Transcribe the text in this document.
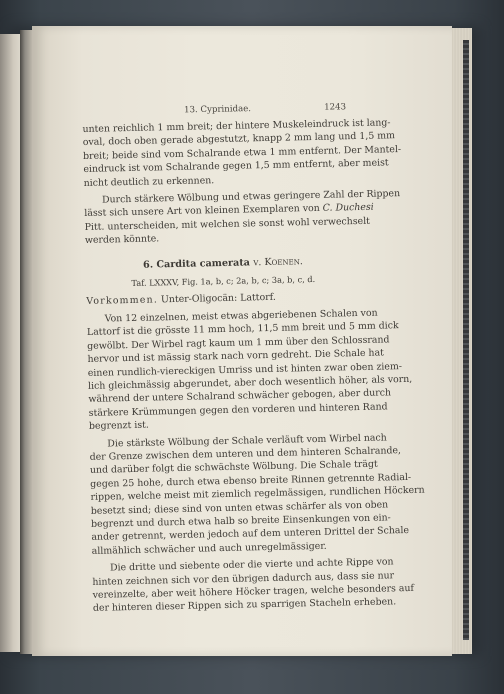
13. Cyprinidae.	1243
unten reichlich 1 mm breit; der hintere Muskeleindruck ist lang-
oval, doch oben gerade abgestutzt, knapp 2 mm lang und 1,5 mm
breit; beide sind vom Schalrande etwa 1 mm entfernt. Der Mantel-
eindruck ist vom Schalrande gegen 1,5 mm entfernt, aber meist
nicht deutlich zu erkennen.
Durch stärkere Wölbung und etwas geringere Zahl der Rippen
lässt sich unsere Art von kleinen Exemplaren von C. Duchesi
Pitt. unterscheiden, mit welchen sie sonst wohl verwechselt
werden könnte.
6. Cardita camerata v. Koenen.
Taf. LXXXV, Fig. 1a, b, c; 2a, b, c; 3a, b, c, d.
Vorkommen. Unter-Oligocän: Lattorf.
Von 12 einzelnen, meist etwas abgeriebenen Schalen von
Lattorf ist die grösste 11 mm hoch, 11,5 mm breit und 5 mm dick
gewölbt. Der Wirbel ragt kaum um 1 mm über den Schlossrand
hervor und ist mässig stark nach vorn gedreht. Die Schale hat
einen rundlich-viereckigen Umriss und ist hinten zwar oben ziem-
lich gleichmässig abgerundet, aber doch wesentlich höher, als vorn,
während der untere Schalrand schwächer gebogen, aber durch
stärkere Krümmungen gegen den vorderen und hinteren Rand
begrenzt ist.
Die stärkste Wölbung der Schale verläuft vom Wirbel nach
der Grenze zwischen dem unteren und dem hinteren Schalrande,
und darüber folgt die schwächste Wölbung. Die Schale trägt
gegen 25 hohe, durch etwa ebenso breite Rinnen getrennte Radial-
rippen, welche meist mit ziemlich regelmässigen, rundlichen Höckern
besetzt sind; diese sind von unten etwas schärfer als von oben
begrenzt und durch etwa halb so breite Einsenkungen von ein-
ander getrennt, werden jedoch auf dem unteren Drittel der Schale
allmählich schwächer und auch unregelmässiger.
Die dritte und siebente oder die vierte und achte Rippe von
hinten zeichnen sich vor den übrigen dadurch aus, dass sie nur
vereinzelte, aber weit höhere Höcker tragen, welche besonders auf
der hinteren dieser Rippen sich zu sparrigen Stacheln erheben.
